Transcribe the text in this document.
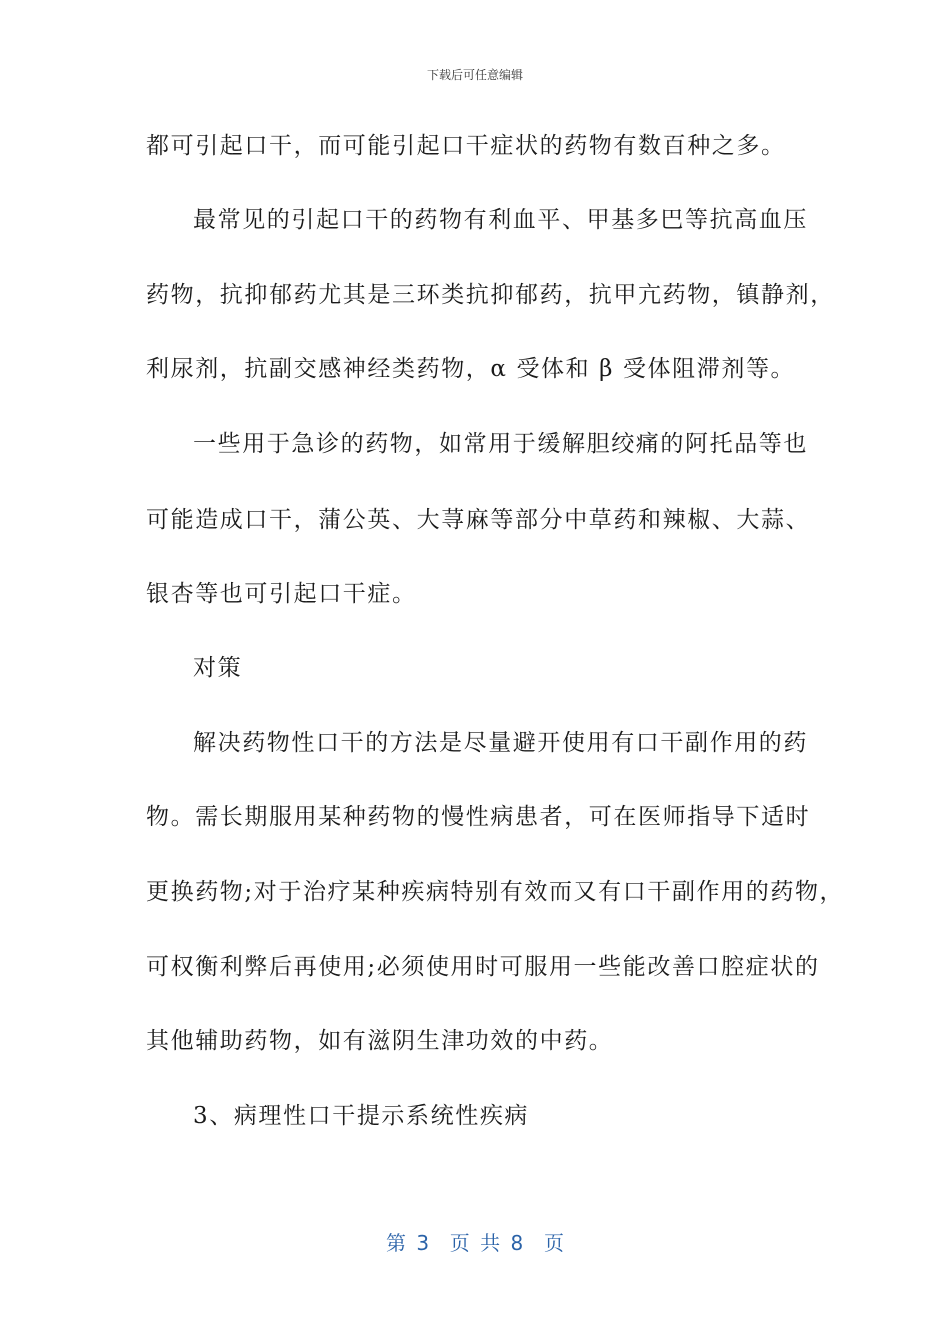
下载后可任意编辑
都可引起口干，而可能引起口干症状的药物有数百种之多。
最常见的引起口干的药物有利血平、甲基多巴等抗高血压
药物，抗抑郁药尤其是三环类抗抑郁药，抗甲亢药物，镇静剂，
利尿剂，抗副交感神经类药物，α 受体和 β 受体阻滞剂等。
一些用于急诊的药物，如常用于缓解胆绞痛的阿托品等也
可能造成口干，蒲公英、大荨麻等部分中草药和辣椒、大蒜、
银杏等也可引起口干症。
对策
解决药物性口干的方法是尽量避开使用有口干副作用的药
物。需长期服用某种药物的慢性病患者，可在医师指导下适时
更换药物;对于治疗某种疾病特别有效而又有口干副作用的药物，
可权衡利弊后再使用;必须使用时可服用一些能改善口腔症状的
其他辅助药物，如有滋阴生津功效的中药。
3、病理性口干提示系统性疾病
第 3  页 共 8  页
